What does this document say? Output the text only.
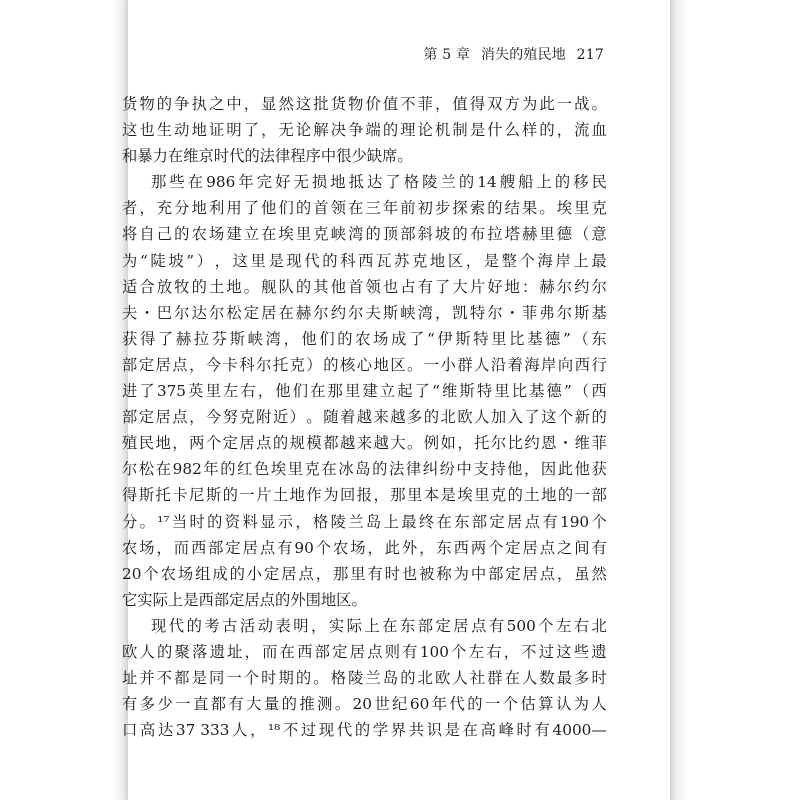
第 5 章 消失的殖民地 217
货 物 的 争 执 之 中 ， 显 然 这 批 货 物 价 值 不 菲 ， 值 得 双 方 为 此 一 战 。
这 也 生 动 地 证 明 了 ， 无 论 解 决 争 端 的 理 论 机 制 是 什 么 样 的 ， 流 血
和暴力在维京时代的法律程序中很少缺席。
那 些 在 986 年 完 好 无 损 地 抵 达 了 格 陵 兰 的 14 艘 船 上 的 移 民
者 ， 充 分 地 利 用 了 他 们 的 首 领 在 三 年 前 初 步 探 索 的 结 果 。 埃 里 克
将 自 己 的 农 场 建 立 在 埃 里 克 峡 湾 的 顶 部 斜 坡 的 布 拉 塔 赫 里 德 （ 意
为 “ 陡 坡 ” ） ， 这 里 是 现 代 的 科 西 瓦 苏 克 地 区 ， 是 整 个 海 岸 上 最
适 合 放 牧 的 土 地 。 舰 队 的 其 他 首 领 也 占 有 了 大 片 好 地 ： 赫 尔 约 尔
夫 ・ 巴 尔 达 尔 松 定 居 在 赫 尔 约 尔 夫 斯 峡 湾 ， 凯 特 尔 ・ 菲 弗 尔 斯 基
获 得 了 赫 拉 芬 斯 峡 湾 ， 他 们 的 农 场 成 了 “ 伊 斯 特 里 比 基 德 ” （ 东
部 定 居 点 ， 今 卡 科 尔 托 克 ） 的 核 心 地 区 。 一 小 群 人 沿 着 海 岸 向 西 行
进 了 375 英 里 左 右 ， 他 们 在 那 里 建 立 起 了 “ 维 斯 特 里 比 基 德 ” （ 西
部 定 居 点 ， 今 努 克 附 近 ） 。 随 着 越 来 越 多 的 北 欧 人 加 入 了 这 个 新 的
殖 民 地 ， 两 个 定 居 点 的 规 模 都 越 来 越 大 。 例 如 ， 托 尔 比 约 恩 ・ 维 菲
尔 松 在 982 年 的 红 色 埃 里 克 在 冰 岛 的 法 律 纠 纷 中 支 持 他 ， 因 此 他 获
得 斯 托 卡 尼 斯 的 一 片 土 地 作 为 回 报 ， 那 里 本 是 埃 里 克 的 土 地 的 一 部
分 。 ¹⁷ 当 时 的 资 料 显 示 ， 格 陵 兰 岛 上 最 终 在 东 部 定 居 点 有 190 个
农 场 ， 而 西 部 定 居 点 有 90 个 农 场 ， 此 外 ， 东 西 两 个 定 居 点 之 间 有
20 个 农 场 组 成 的 小 定 居 点 ， 那 里 有 时 也 被 称 为 中 部 定 居 点 ， 虽 然
它实际上是西部定居点的外围地区。
现 代 的 考 古 活 动 表 明 ， 实 际 上 在 东 部 定 居 点 有 500 个 左 右 北
欧 人 的 聚 落 遗 址 ， 而 在 西 部 定 居 点 则 有 100 个 左 右 ， 不 过 这 些 遗
址 并 不 都 是 同 一 个 时 期 的 。 格 陵 兰 岛 的 北 欧 人 社 群 在 人 数 最 多 时
有 多 少 一 直 都 有 大 量 的 推 测 。 20 世 纪 60 年 代 的 一 个 估 算 认 为 人
口 高 达 37 333 人 ， ¹⁸ 不 过 现 代 的 学 界 共 识 是 在 高 峰 时 有 4000—
